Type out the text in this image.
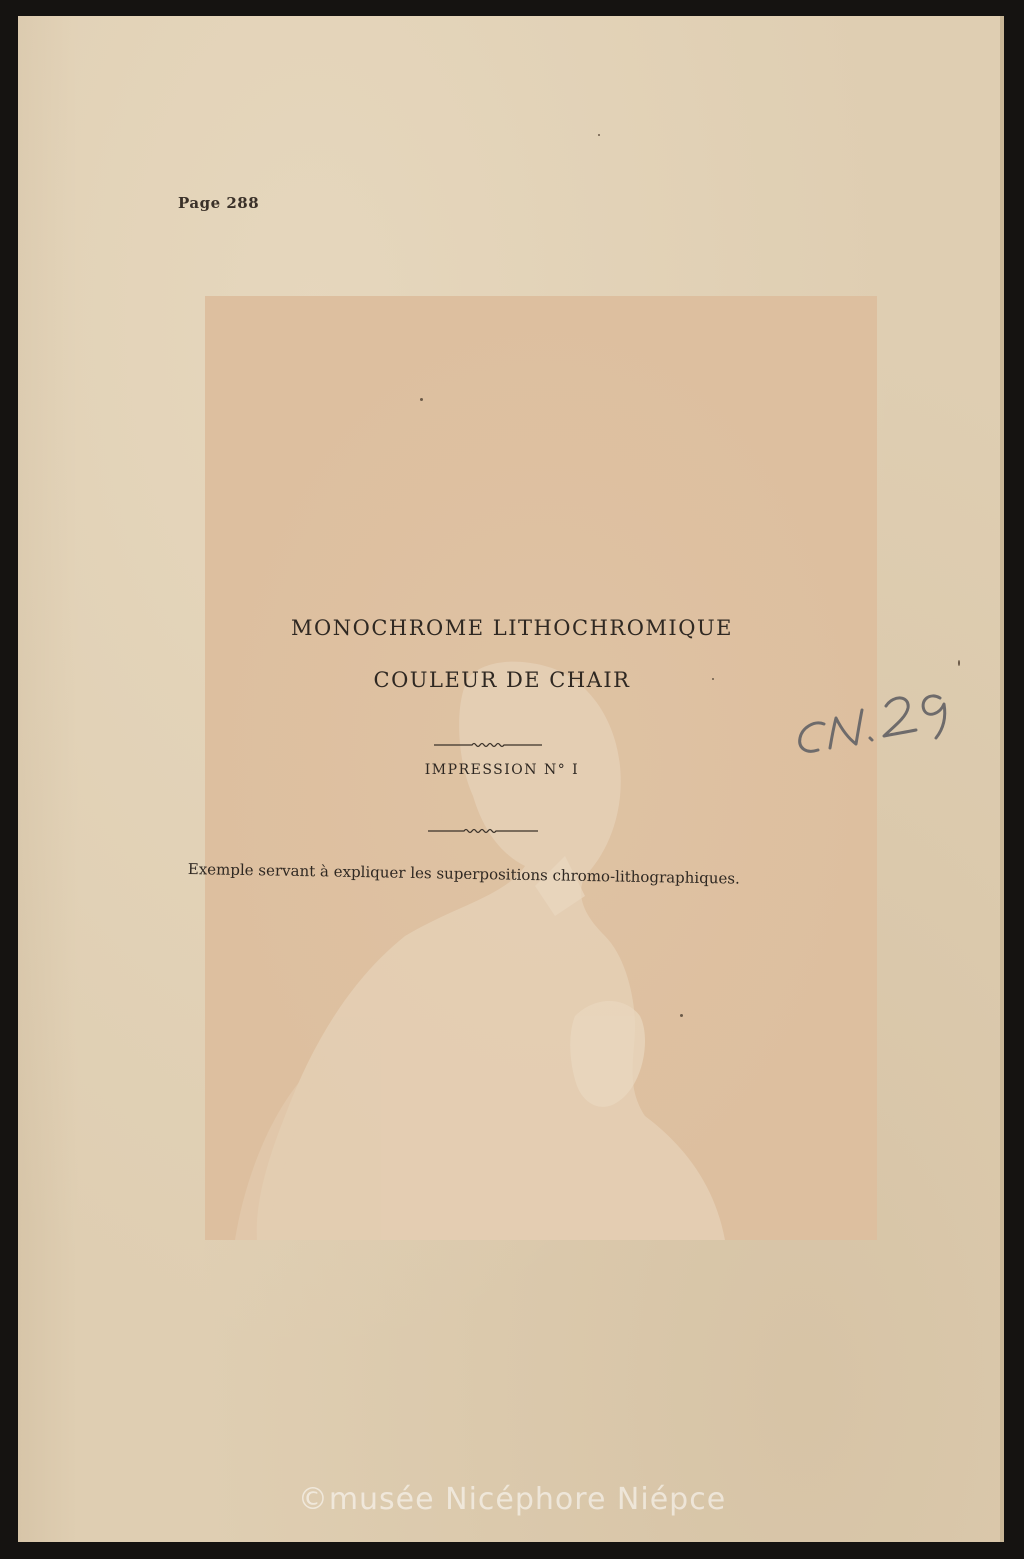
Page 288
MONOCHROME LITHOCHROMIQUE
COULEUR DE CHAIR
IMPRESSION N° I
Exemple servant à expliquer les superpositions chromo-lithographiques.
©musée Nicéphore Niépce
